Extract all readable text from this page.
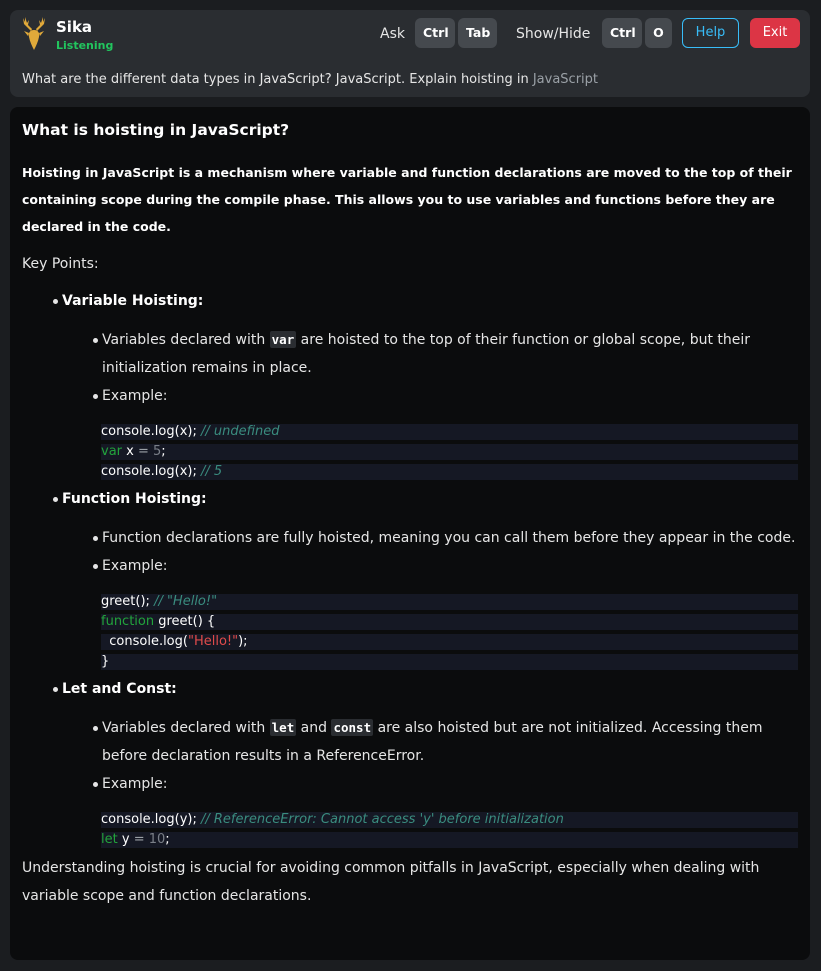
Sika
Listening
Ask	Ctrl	Tab	Show/Hide	Ctrl	O	Help	Exit
What are the different data types in JavaScript? JavaScript. Explain hoisting in JavaScript
What is hoisting in JavaScript?
Hoisting in JavaScript is a mechanism where variable and function declarations are moved to the top of their containing scope during the compile phase. This allows you to use variables and functions before they are declared in the code.
Key Points:
Variable Hoisting:
Variables declared with var are hoisted to the top of their function or global scope, but their initialization remains in place.
Example:
console.log(x); // undefined
var x = 5;
console.log(x); // 5
Function Hoisting:
Function declarations are fully hoisted, meaning you can call them before they appear in the code.
Example:
greet(); // "Hello!"
function greet() {
console.log("Hello!");
}
Let and Const:
Variables declared with let and const are also hoisted but are not initialized. Accessing them before declaration results in a ReferenceError.
Example:
console.log(y); // ReferenceError: Cannot access 'y' before initialization
let y = 10;
Understanding hoisting is crucial for avoiding common pitfalls in JavaScript, especially when dealing with variable scope and function declarations.
